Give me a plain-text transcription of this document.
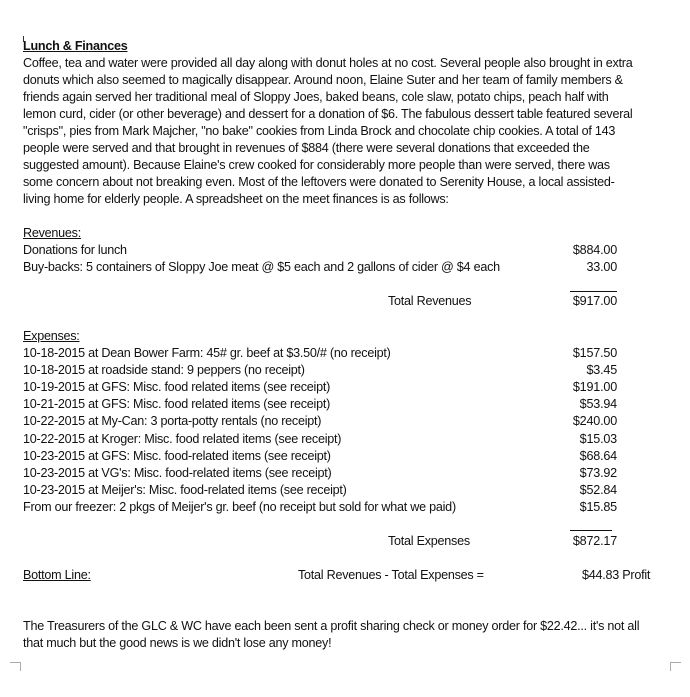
Lunch & Finances
Coffee, tea and water were provided all day along with donut holes at no cost. Several people also brought in extra
donuts which also seemed to magically disappear. Around noon, Elaine Suter and her team of family members &
friends again served her traditional meal of Sloppy Joes, baked beans, cole slaw, potato chips, peach half with
lemon curd, cider (or other beverage) and dessert for a donation of $6. The fabulous dessert table featured several
"crisps", pies from Mark Majcher, "no bake" cookies from Linda Brock and chocolate chip cookies. A total of 143
people were served and that brought in revenues of $884 (there were several donations that exceeded the
suggested amount). Because Elaine's crew cooked for considerably more people than were served, there was
some concern about not breaking even. Most of the leftovers were donated to Serenity House, a local assisted-
living home for elderly people. A spreadsheet on the meet finances is as follows:
Revenues:
Donations for lunch	$884.00
Buy-backs: 5 containers of Sloppy Joe meat @ $5 each and 2 gallons of cider @ $4 each	33.00
Total Revenues	$917.00
Expenses:
10-18-2015 at Dean Bower Farm: 45# gr. beef at $3.50/# (no receipt)	$157.50
10-18-2015 at roadside stand: 9 peppers (no receipt)	$3.45
10-19-2015 at GFS: Misc. food related items (see receipt)	$191.00
10-21-2015 at GFS: Misc. food related items (see receipt)	$53.94
10-22-2015 at My-Can: 3 porta-potty rentals (no receipt)	$240.00
10-22-2015 at Kroger: Misc. food related items (see receipt)	$15.03
10-23-2015 at GFS: Misc. food-related items (see receipt)	$68.64
10-23-2015 at VG's: Misc. food-related items (see receipt)	$73.92
10-23-2015 at Meijer's: Misc. food-related items (see receipt)	$52.84
From our freezer: 2 pkgs of Meijer's gr. beef (no receipt but sold for what we paid)	$15.85
Total Expenses	$872.17
Bottom Line:	Total Revenues - Total Expenses =	$44.83 Profit
The Treasurers of the GLC & WC have each been sent a profit sharing check or money order for $22.42... it's not all
that much but the good news is we didn't lose any money!
